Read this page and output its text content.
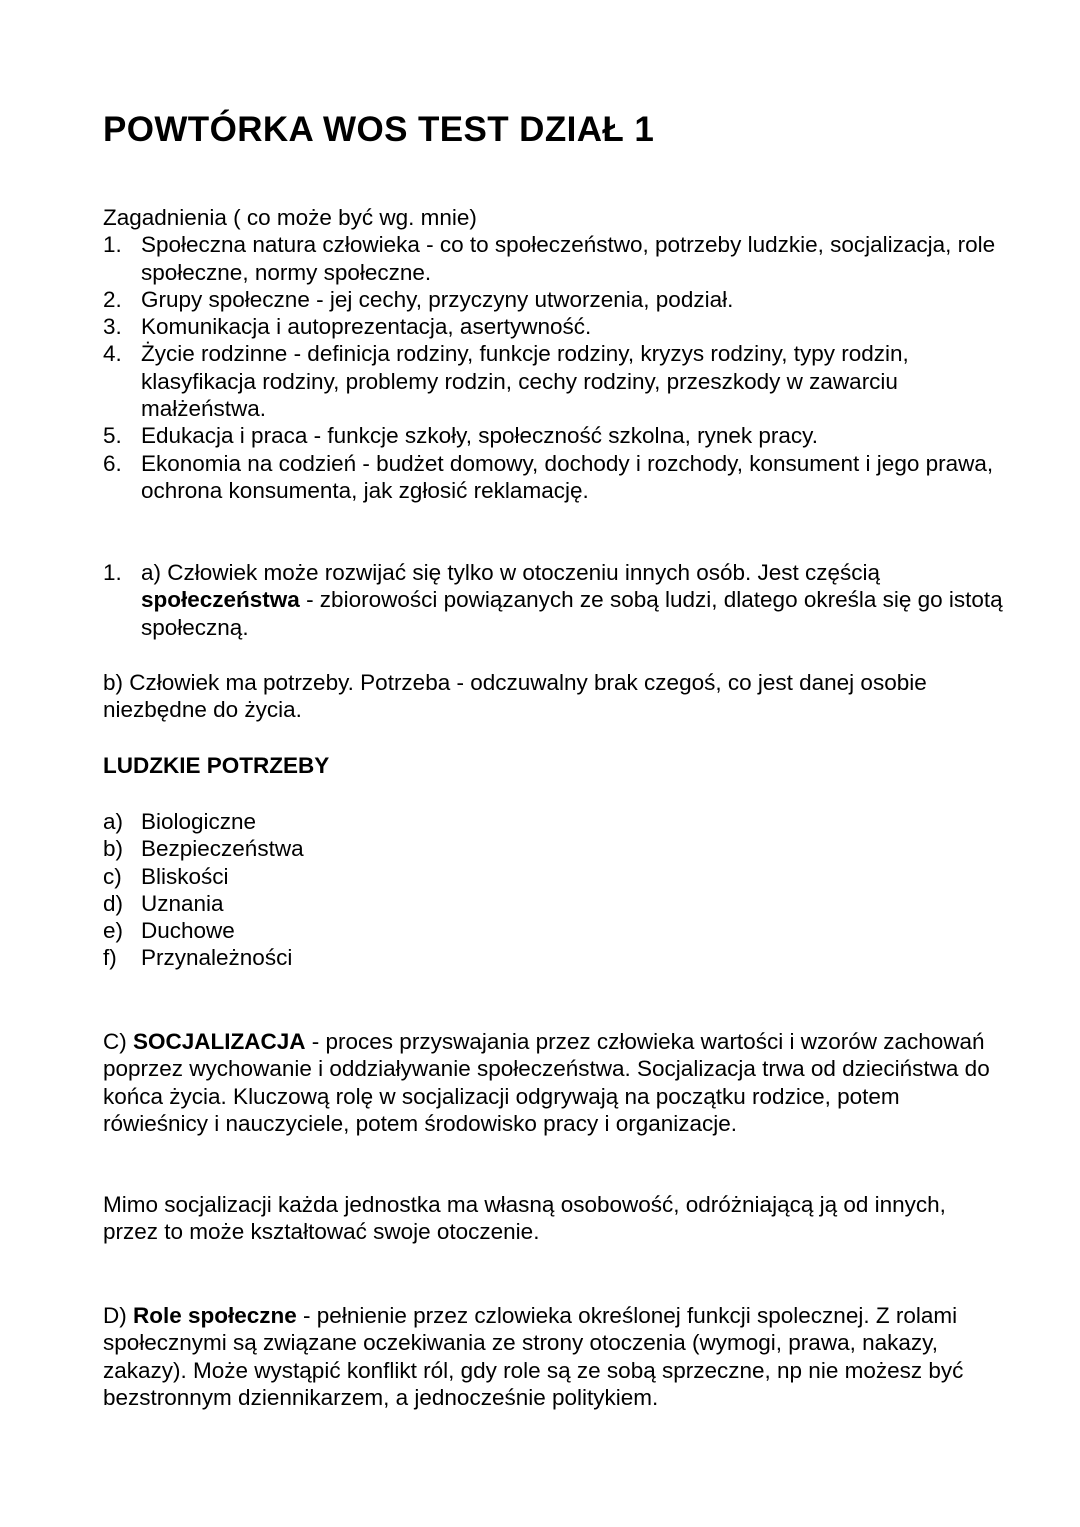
POWTÓRKA WOS TEST DZIAŁ 1

Zagadnienia ( co może być wg. mnie)

1. Społeczna natura człowieka - co to społeczeństwo, potrzeby ludzkie, socjalizacja, role społeczne, normy społeczne.
2. Grupy społeczne - jej cechy, przyczyny utworzenia, podział.
3. Komunikacja i autoprezentacja, asertywność.
4. Życie rodzinne - definicja rodziny, funkcje rodziny, kryzys rodziny, typy rodzin, klasyfikacja rodziny, problemy rodzin, cechy rodziny, przeszkody w zawarciu małżeństwa.
5. Edukacja i praca - funkcje szkoły, społeczność szkolna, rynek pracy.
6. Ekonomia na codzień - budżet domowy, dochody i rozchody, konsument i jego prawa, ochrona konsumenta, jak zgłosić reklamację.
1. a) Człowiek może rozwijać się tylko w otoczeniu innych osób. Jest częścią społeczeństwa - zbiorowości powiązanych ze sobą ludzi, dlatego określa się go istotą społeczną.

b) Człowiek ma potrzeby. Potrzeba - odczuwalny brak czegoś, co jest danej osobie niezbędne do życia.

LUDZKIE POTRZEBY

a) Biologiczne
b) Bezpieczeństwa
c) Bliskości
d) Uznania
e) Duchowe
f) Przynależności

C) SOCJALIZACJA - proces przyswajania przez człowieka wartości i wzorów zachowań poprzez wychowanie i oddziaływanie społeczeństwa. Socjalizacja trwa od dzieciństwa do końca życia. Kluczową rolę w socjalizacji odgrywają na początku rodzice, potem rówieśnicy i nauczyciele, potem środowisko pracy i organizacje.

Mimo socjalizacji każda jednostka ma własną osobowość, odróżniającą ją od innych, przez to może kształtować swoje otoczenie.

D) Role społeczne - pełnienie przez czlowieka określonej funkcji spolecznej. Z rolami społecznymi są związane oczekiwania ze strony otoczenia (wymogi, prawa, nakazy, zakazy). Może wystąpić konflikt ról, gdy role są ze sobą sprzeczne, np nie możesz być bezstronnym dziennikarzem, a jednocześnie politykiem.
